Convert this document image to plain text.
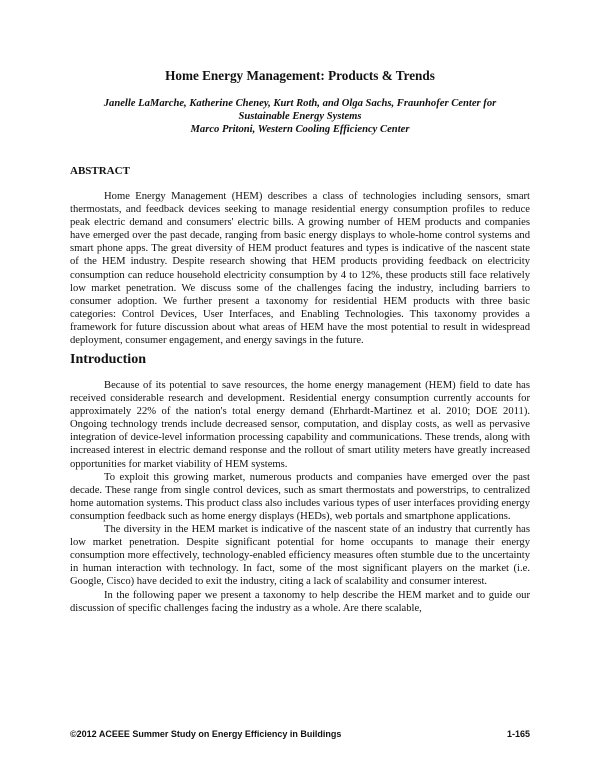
Home Energy Management: Products & Trends
Janelle LaMarche, Katherine Cheney, Kurt Roth, and Olga Sachs, Fraunhofer Center for
Sustainable Energy Systems
Marco Pritoni, Western Cooling Efficiency Center
ABSTRACT

Home Energy Management (HEM) describes a class of technologies including sensors, smart thermostats, and feedback devices seeking to manage residential energy consumption profiles to reduce peak electric demand and consumers' electric bills. A growing number of HEM products and companies have emerged over the past decade, ranging from basic energy displays to whole-home control systems and smart phone apps. The great diversity of HEM product features and types is indicative of the nascent state of the HEM industry. Despite research showing that HEM products providing feedback on electricity consumption can reduce household electricity consumption by 4 to 12%, these products still face relatively low market penetration. We discuss some of the challenges facing the industry, including barriers to consumer adoption. We further present a taxonomy for residential HEM products with three basic categories: Control Devices, User Interfaces, and Enabling Technologies. This taxonomy provides a framework for future discussion about what areas of HEM have the most potential to result in widespread deployment, consumer engagement, and energy savings in the future.

Introduction

Because of its potential to save resources, the home energy management (HEM) field to date has received considerable research and development. Residential energy consumption currently accounts for approximately 22% of the nation's total energy demand (Ehrhardt-Martinez et al. 2010; DOE 2011). Ongoing technology trends include decreased sensor, computation, and display costs, as well as pervasive integration of device-level information processing capability and communications. These trends, along with increased interest in electric demand response and the rollout of smart utility meters have greatly increased opportunities for market viability of HEM systems.

To exploit this growing market, numerous products and companies have emerged over the past decade. These range from single control devices, such as smart thermostats and powerstrips, to centralized home automation systems. This product class also includes various types of user interfaces providing energy consumption feedback such as home energy displays (HEDs), web portals and smartphone applications.

The diversity in the HEM market is indicative of the nascent state of an industry that currently has low market penetration. Despite significant potential for home occupants to manage their energy consumption more effectively, technology-enabled efficiency measures often stumble due to the uncertainty in human interaction with technology. In fact, some of the most significant players on the market (i.e. Google, Cisco) have decided to exit the industry, citing a lack of scalability and consumer interest.

In the following paper we present a taxonomy to help describe the HEM market and to guide our discussion of specific challenges facing the industry as a whole. Are there scalable,

©2012 ACEEE Summer Study on Energy Efficiency in Buildings	1-165
